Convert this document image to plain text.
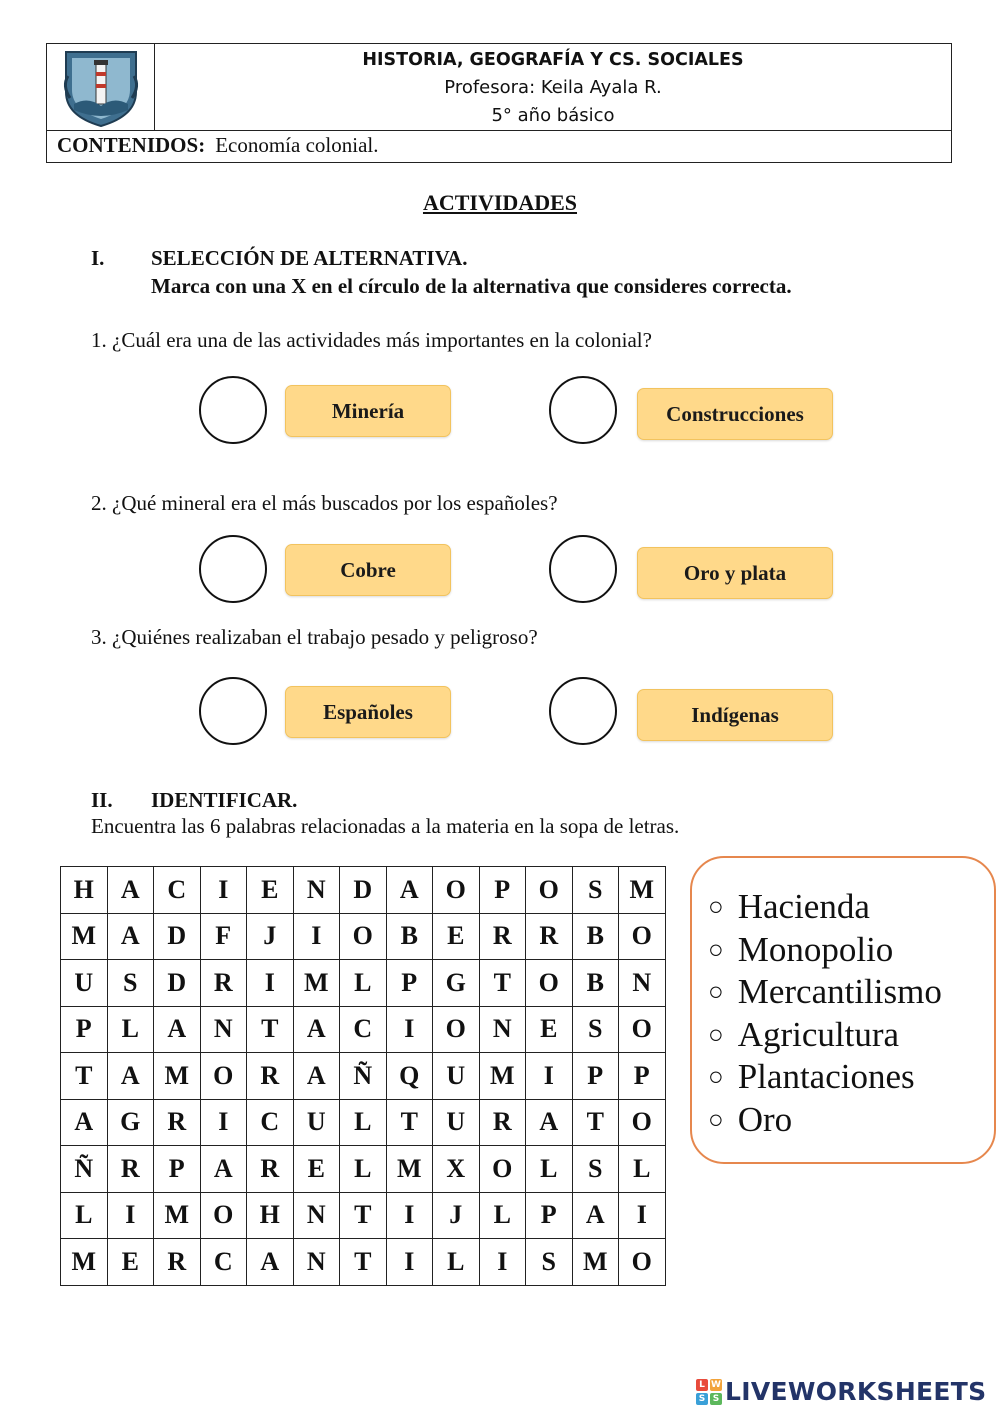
HISTORIA, GEOGRAFÍA Y CS. SOCIALES
Profesora: Keila Ayala R.
5° año básico
CONTENIDOS: Economía colonial.
ACTIVIDADES
I. SELECCIÓN DE ALTERNATIVA.
Marca con una X en el círculo de la alternativa que consideres correcta.
1. ¿Cuál era una de las actividades más importantes en la colonial?
Minería	Construcciones
2. ¿Qué mineral era el más buscados por los españoles?
Cobre	Oro y plata
3. ¿Quiénes realizaban el trabajo pesado y peligroso?
Españoles	Indígenas
II. IDENTIFICAR.
Encuentra las 6 palabras relacionadas a la materia en la sopa de letras.
H	A	C	I	E	N	D	A	O	P	O	S	M
M	A	D	F	J	I	O	B	E	R	R	B	O
U	S	D	R	I	M	L	P	G	T	O	B	N
P	L	A	N	T	A	C	I	O	N	E	S	O
T	A	M	O	R	A	Ñ	Q	U	M	I	P	P
A	G	R	I	C	U	L	T	U	R	A	T	O
Ñ	R	P	A	R	E	L	M	X	O	L	S	L
L	I	M	O	H	N	T	I	J	L	P	A	I
M	E	R	C	A	N	T	I	L	I	S	M	O
○ Hacienda
○ Monopolio
○ Mercantilismo
○ Agricultura
○ Plantaciones
○ Oro
L W
S S LIVEWORKSHEETS
